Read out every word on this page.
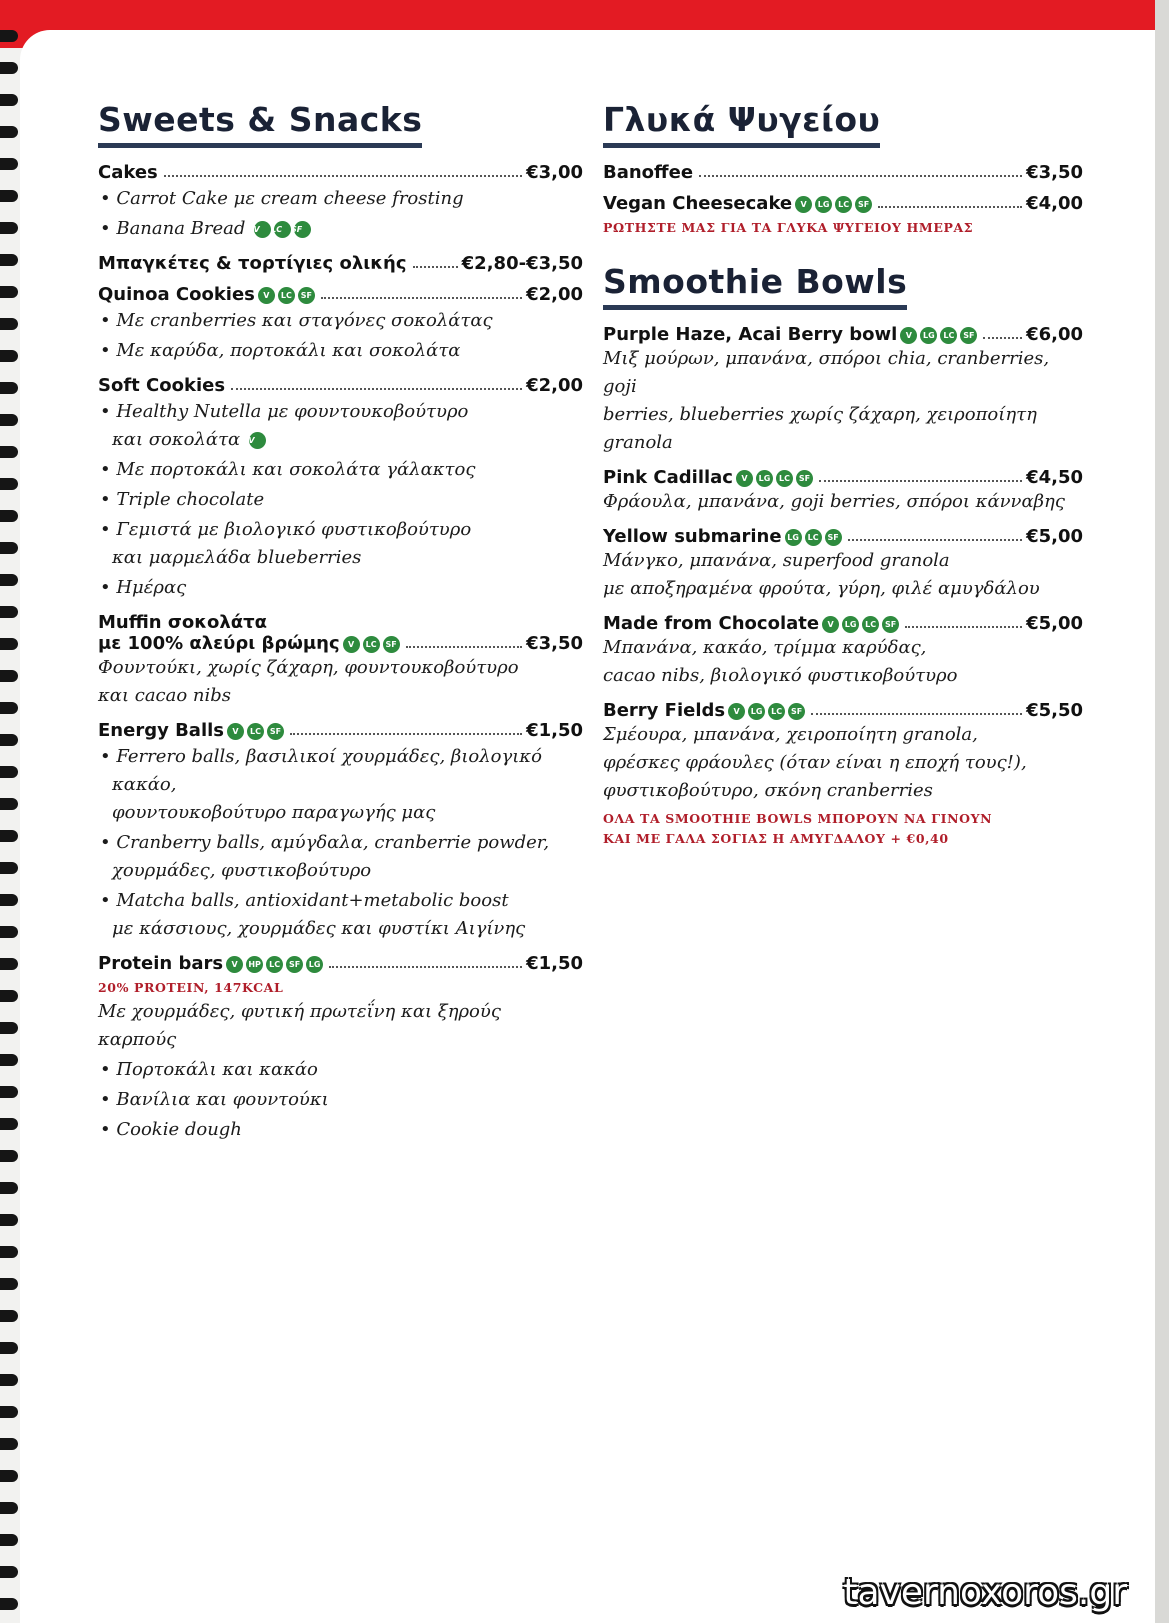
Sweets & Snacks
Cakes	€3,00
• Carrot Cake με cream cheese frosting
• Banana Bread V LC SF
Μπαγκέτες & τορτίγιες ολικής	€2,80-€3,50
Quinoa Cookies V LC SF	€2,00
• Με cranberries και σταγόνες σοκολάτας
• Με καρύδα, πορτοκάλι και σοκολάτα
Soft Cookies	€2,00
• Healthy Nutella με φουντουκοβούτυρο
και σοκολάτα V
• Με πορτοκάλι και σοκολάτα γάλακτος
• Triple chocolate
• Γεμιστά με βιολογικό φυστικοβούτυρο
και μαρμελάδα blueberries
• Ημέρας
Muffin σοκολάτα
με 100% αλεύρι βρώμης V LC SF	€3,50
Φουντούκι, χωρίς ζάχαρη, φουντουκοβούτυρο
και cacao nibs
Energy Balls V LC SF	€1,50
• Ferrero balls, βασιλικοί χουρμάδες, βιολογικό κακάο,
φουντουκοβούτυρο παραγωγής μας
• Cranberry balls, αμύγδαλα, cranberrie powder,
χουρμάδες, φυστικοβούτυρο
• Matcha balls, antioxidant+metabolic boost
με κάσσιους, χουρμάδες και φυστίκι Αιγίνης
Protein bars V HP LC SF LG	€1,50
20% PROTEIN, 147KCAL
Με χουρμάδες, φυτική πρωτεΐνη και ξηρούς καρπούς
• Πορτοκάλι και κακάο
• Βανίλια και φουντούκι
• Cookie dough
Γλυκά Ψυγείου
Banoffee	€3,50
Vegan Cheesecake V LG LC SF	€4,00
ΡΩΤΗΣΤΕ ΜΑΣ ΓΙΑ ΤΑ ΓΛΥΚΑ ΨΥΓΕΙΟΥ ΗΜΕΡΑΣ
Smoothie Bowls
Purple Haze, Acai Berry bowl V LG LC SF	€6,00
Μιξ μούρων, μπανάνα, σπόροι chia, cranberries, goji
berries, blueberries χωρίς ζάχαρη, χειροποίητη granola
Pink Cadillac V LG LC SF	€4,50
Φράουλα, μπανάνα, goji berries, σπόροι κάνναβης
Yellow submarine LG LC SF	€5,00
Μάνγκο, μπανάνα, superfood granola
με αποξηραμένα φρούτα, γύρη, φιλέ αμυγδάλου
Made from Chocolate V LG LC SF	€5,00
Μπανάνα, κακάο, τρίμμα καρύδας,
cacao nibs, βιολογικό φυστικοβούτυρο
Berry Fields V LG LC SF	€5,50
Σμέουρα, μπανάνα, χειροποίητη granola,
φρέσκες φράουλες (όταν είναι η εποχή τους!),
φυστικοβούτυρο, σκόνη cranberries
ΟΛΑ ΤΑ SMOOTHIE BOWLS ΜΠΟΡΟΥΝ ΝΑ ΓΙΝΟΥΝ
ΚΑΙ ΜΕ ΓΑΛΑ ΣΟΓΙΑΣ Η ΑΜΥΓΔΑΛΟΥ + €0,40
tavernoxoros.gr
